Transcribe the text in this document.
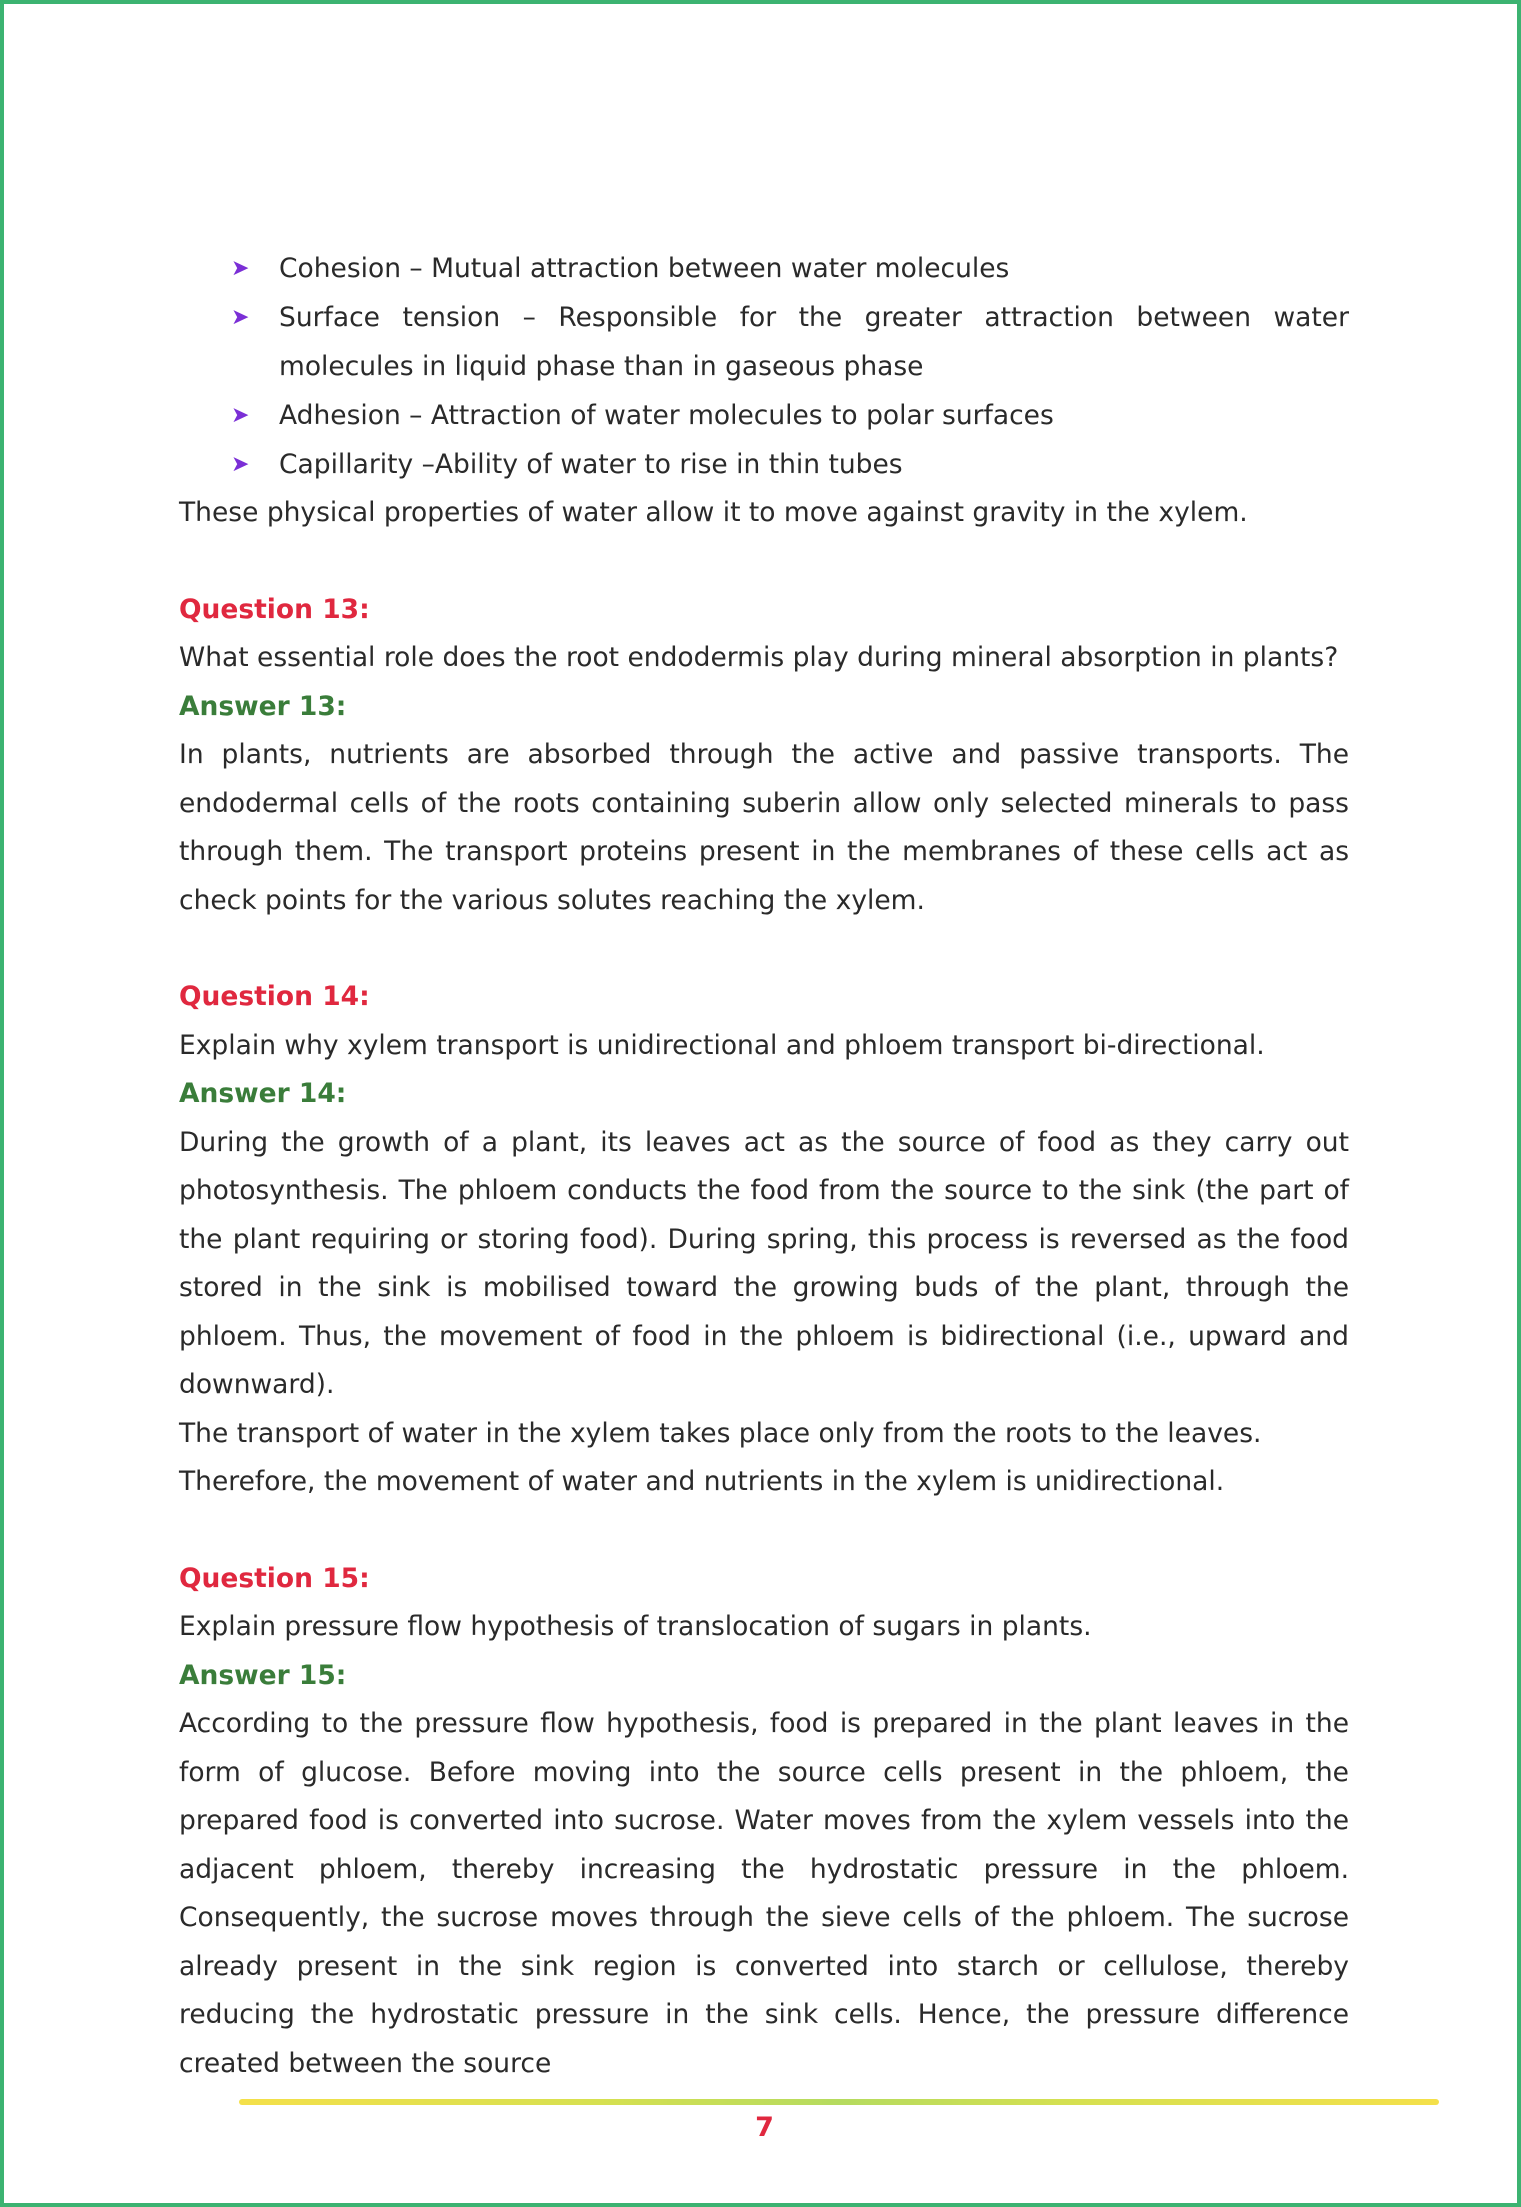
➤ Cohesion – Mutual attraction between water molecules
➤ Surface tension – Responsible for the greater attraction between water molecules in liquid phase than in gaseous phase
➤ Adhesion – Attraction of water molecules to polar surfaces
➤ Capillarity –Ability of water to rise in thin tubes

These physical properties of water allow it to move against gravity in the xylem.

Question 13:

What essential role does the root endodermis play during mineral absorption in plants?

Answer 13:

In plants, nutrients are absorbed through the active and passive transports. The endodermal cells of the roots containing suberin allow only selected minerals to pass through them. The transport proteins present in the membranes of these cells act as check points for the various solutes reaching the xylem.

Question 14:

Explain why xylem transport is unidirectional and phloem transport bi-directional.

Answer 14:

During the growth of a plant, its leaves act as the source of food as they carry out photosynthesis. The phloem conducts the food from the source to the sink (the part of the plant requiring or storing food). During spring, this process is reversed as the food stored in the sink is mobilised toward the growing buds of the plant, through the phloem. Thus, the movement of food in the phloem is bidirectional (i.e., upward and downward).

The transport of water in the xylem takes place only from the roots to the leaves.

Therefore, the movement of water and nutrients in the xylem is unidirectional.

Question 15:

Explain pressure flow hypothesis of translocation of sugars in plants.

Answer 15:

According to the pressure flow hypothesis, food is prepared in the plant leaves in the form of glucose. Before moving into the source cells present in the phloem, the prepared food is converted into sucrose. Water moves from the xylem vessels into the adjacent phloem, thereby increasing the hydrostatic pressure in the phloem. Consequently, the sucrose moves through the sieve cells of the phloem. The sucrose already present in the sink region is converted into starch or cellulose, thereby reducing the hydrostatic pressure in the sink cells. Hence, the pressure difference created between the source

7
